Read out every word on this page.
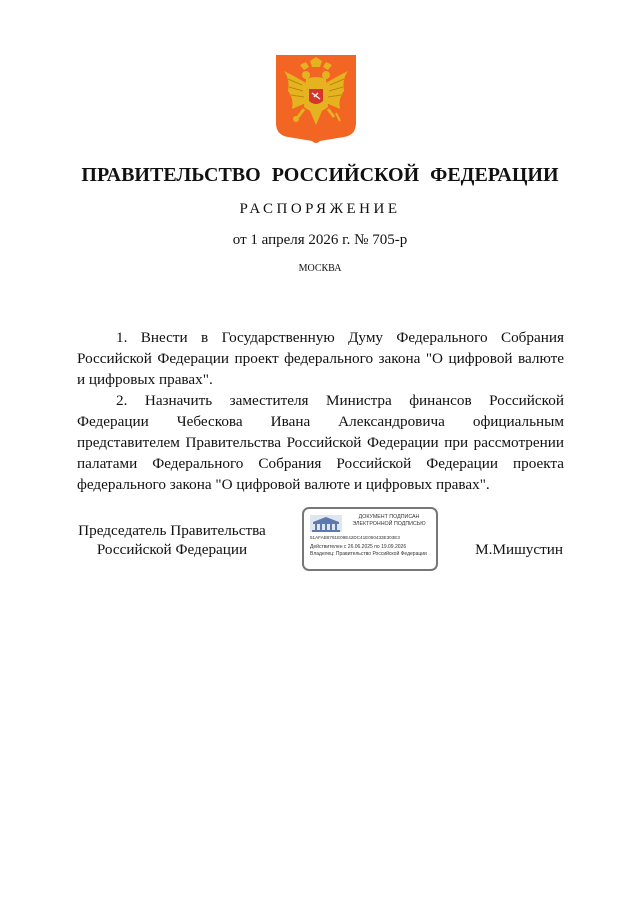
ПРАВИТЕЛЬСТВО РОССИЙСКОЙ ФЕДЕРАЦИИ
РАСПОРЯЖЕНИЕ
от 1 апреля 2026 г. № 705-р
МОСКВА

1. Внести в Государственную Думу Федерального Собрания Российской Федерации проект федерального закона "О цифровой валюте и цифровых правах".

2. Назначить заместителя Министра финансов Российской Федерации Чебескова Ивана Александровича официальным представителем Правительства Российской Федерации при рассмотрении палатами Федерального Собрания Российской Федерации проекта федерального закона "О цифровой валюте и цифровых правах".

Председатель Правительства
Российской Федерации
ДОКУМЕНТ ПОДПИСАН
ЭЛЕКТРОННОЙ ПОДПИСЬЮ
51AFAB8781E09E42DC41E050433E303E3
Действителен с 26.06.2025 по 19.09.2026
Владелец: Правительство Российской Федерации	М.Мишустин
